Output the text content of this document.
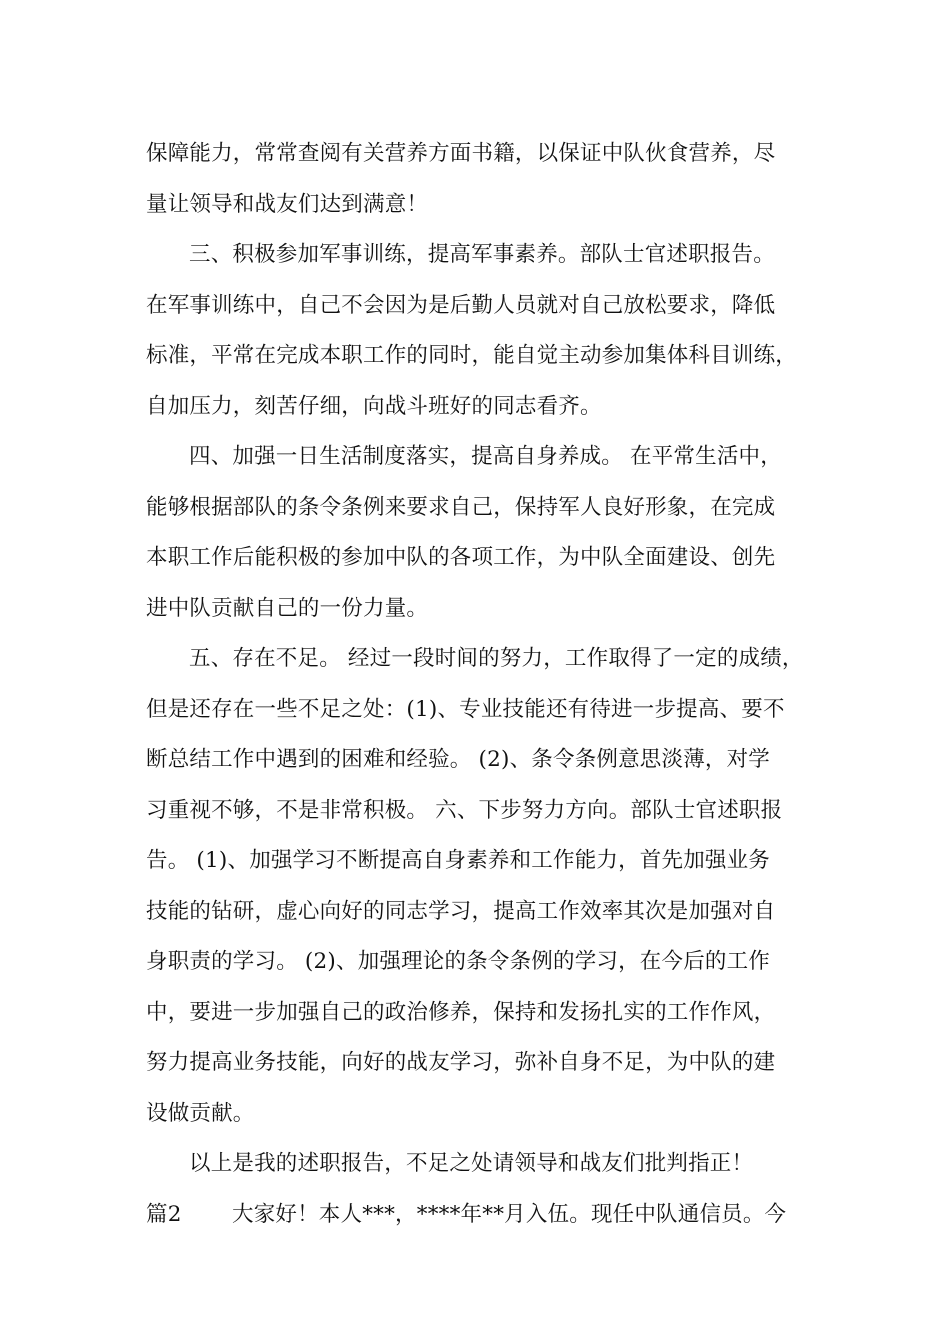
保障能力，常常查阅有关营养方面书籍，以保证中队伙食营养，尽
量让领导和战友们达到满意！
三、积极参加军事训练，提高军事素养。部队士官述职报告。
在军事训练中，自己不会因为是后勤人员就对自己放松要求，降低
标准，平常在完成本职工作的同时，能自觉主动参加集体科目训练，
自加压力，刻苦仔细，向战斗班好的同志看齐。
四、加强一日生活制度落实，提高自身养成。 在平常生活中，
能够根据部队的条令条例来要求自己，保持军人良好形象，在完成
本职工作后能积极的参加中队的各项工作，为中队全面建设、创先
进中队贡献自己的一份力量。
五、存在不足。 经过一段时间的努力，工作取得了一定的成绩，
但是还存在一些不足之处：(1)、专业技能还有待进一步提高、要不
断总结工作中遇到的困难和经验。 (2)、条令条例意思淡薄，对学
习重视不够，不是非常积极。 六、下步努力方向。部队士官述职报
告。 (1)、加强学习不断提高自身素养和工作能力，首先加强业务
技能的钻研，虚心向好的同志学习，提高工作效率其次是加强对自
身职责的学习。 (2)、加强理论的条令条例的学习，在今后的工作
中，要进一步加强自己的政治修养，保持和发扬扎实的工作作风，
努力提高业务技能，向好的战友学习，弥补自身不足，为中队的建
设做贡献。
以上是我的述职报告，不足之处请领导和战友们批判指正！
篇2 大家好！本人***，****年**月入伍。现任中队通信员。今
